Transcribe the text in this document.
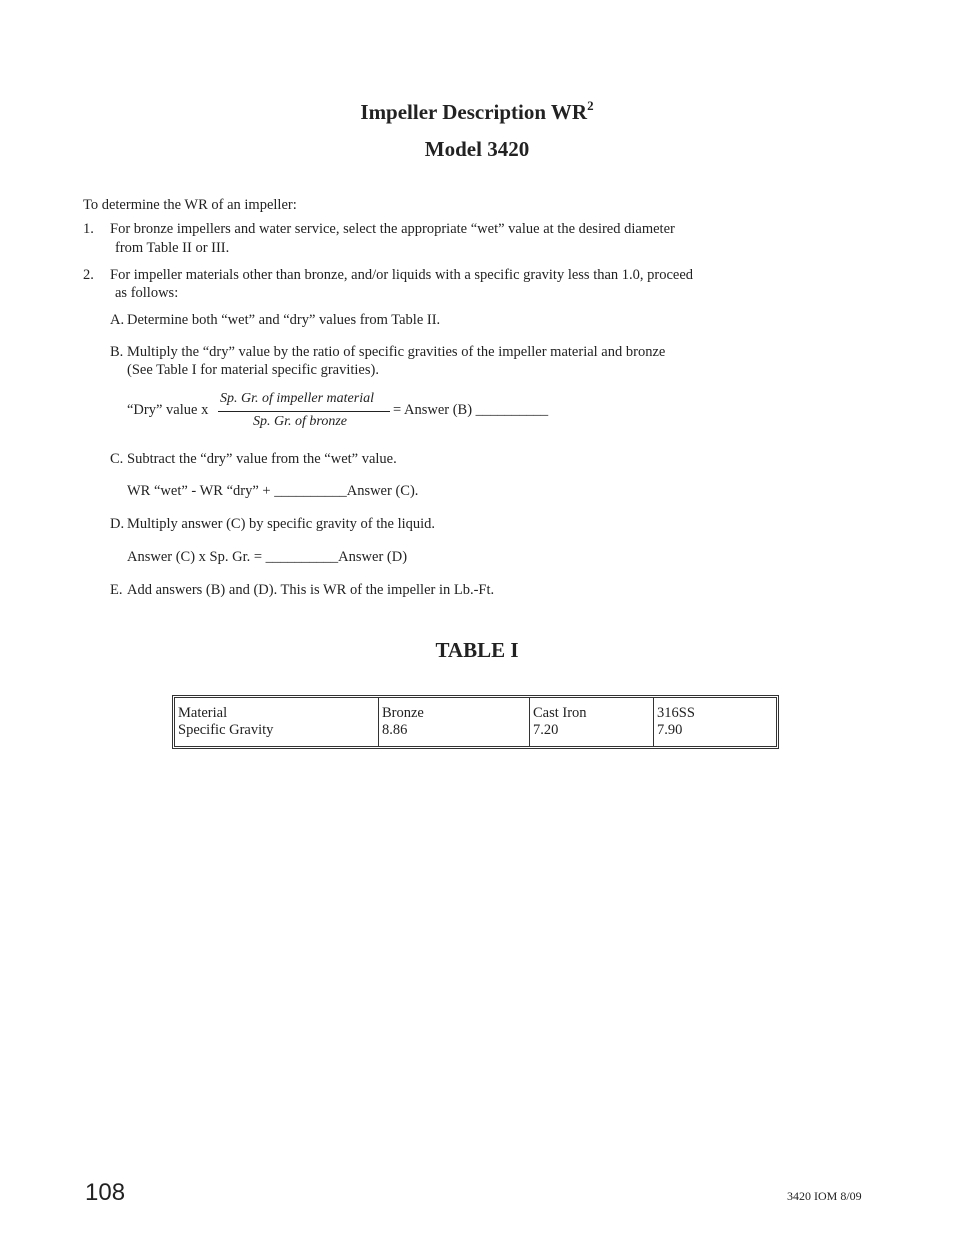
Impeller Description $WR^2$
Model 3420
To determine the WR of an impeller:
1. For bronze impellers and water service, select the appropriate “wet” value at the desired diameter
from Table II or III.
2. For impeller materials other than bronze, and/or liquids with a specific gravity less than 1.0, proceed
as follows:
A. Determine both “wet” and “dry” values from Table II.
B. Multiply the “dry” value by the ratio of specific gravities of the impeller material and bronze
(See Table I for material specific gravities).
“Dry” value x
Sp. Gr. of impeller material
Sp. Gr. of bronze
= Answer (B) __________
C. Subtract the “dry” value from the “wet” value.
WR “wet” - WR “dry” + __________Answer (C).
D. Multiply answer (C) by specific gravity of the liquid.
Answer (C) x Sp. Gr. = __________Answer (D)
E. Add answers (B) and (D). This is WR of the impeller in Lb.-Ft.
TABLE I
Material
Specific Gravity
Bronze
8.86
Cast Iron
7.20
316SS
7.90
108	3420 IOM 8/09
